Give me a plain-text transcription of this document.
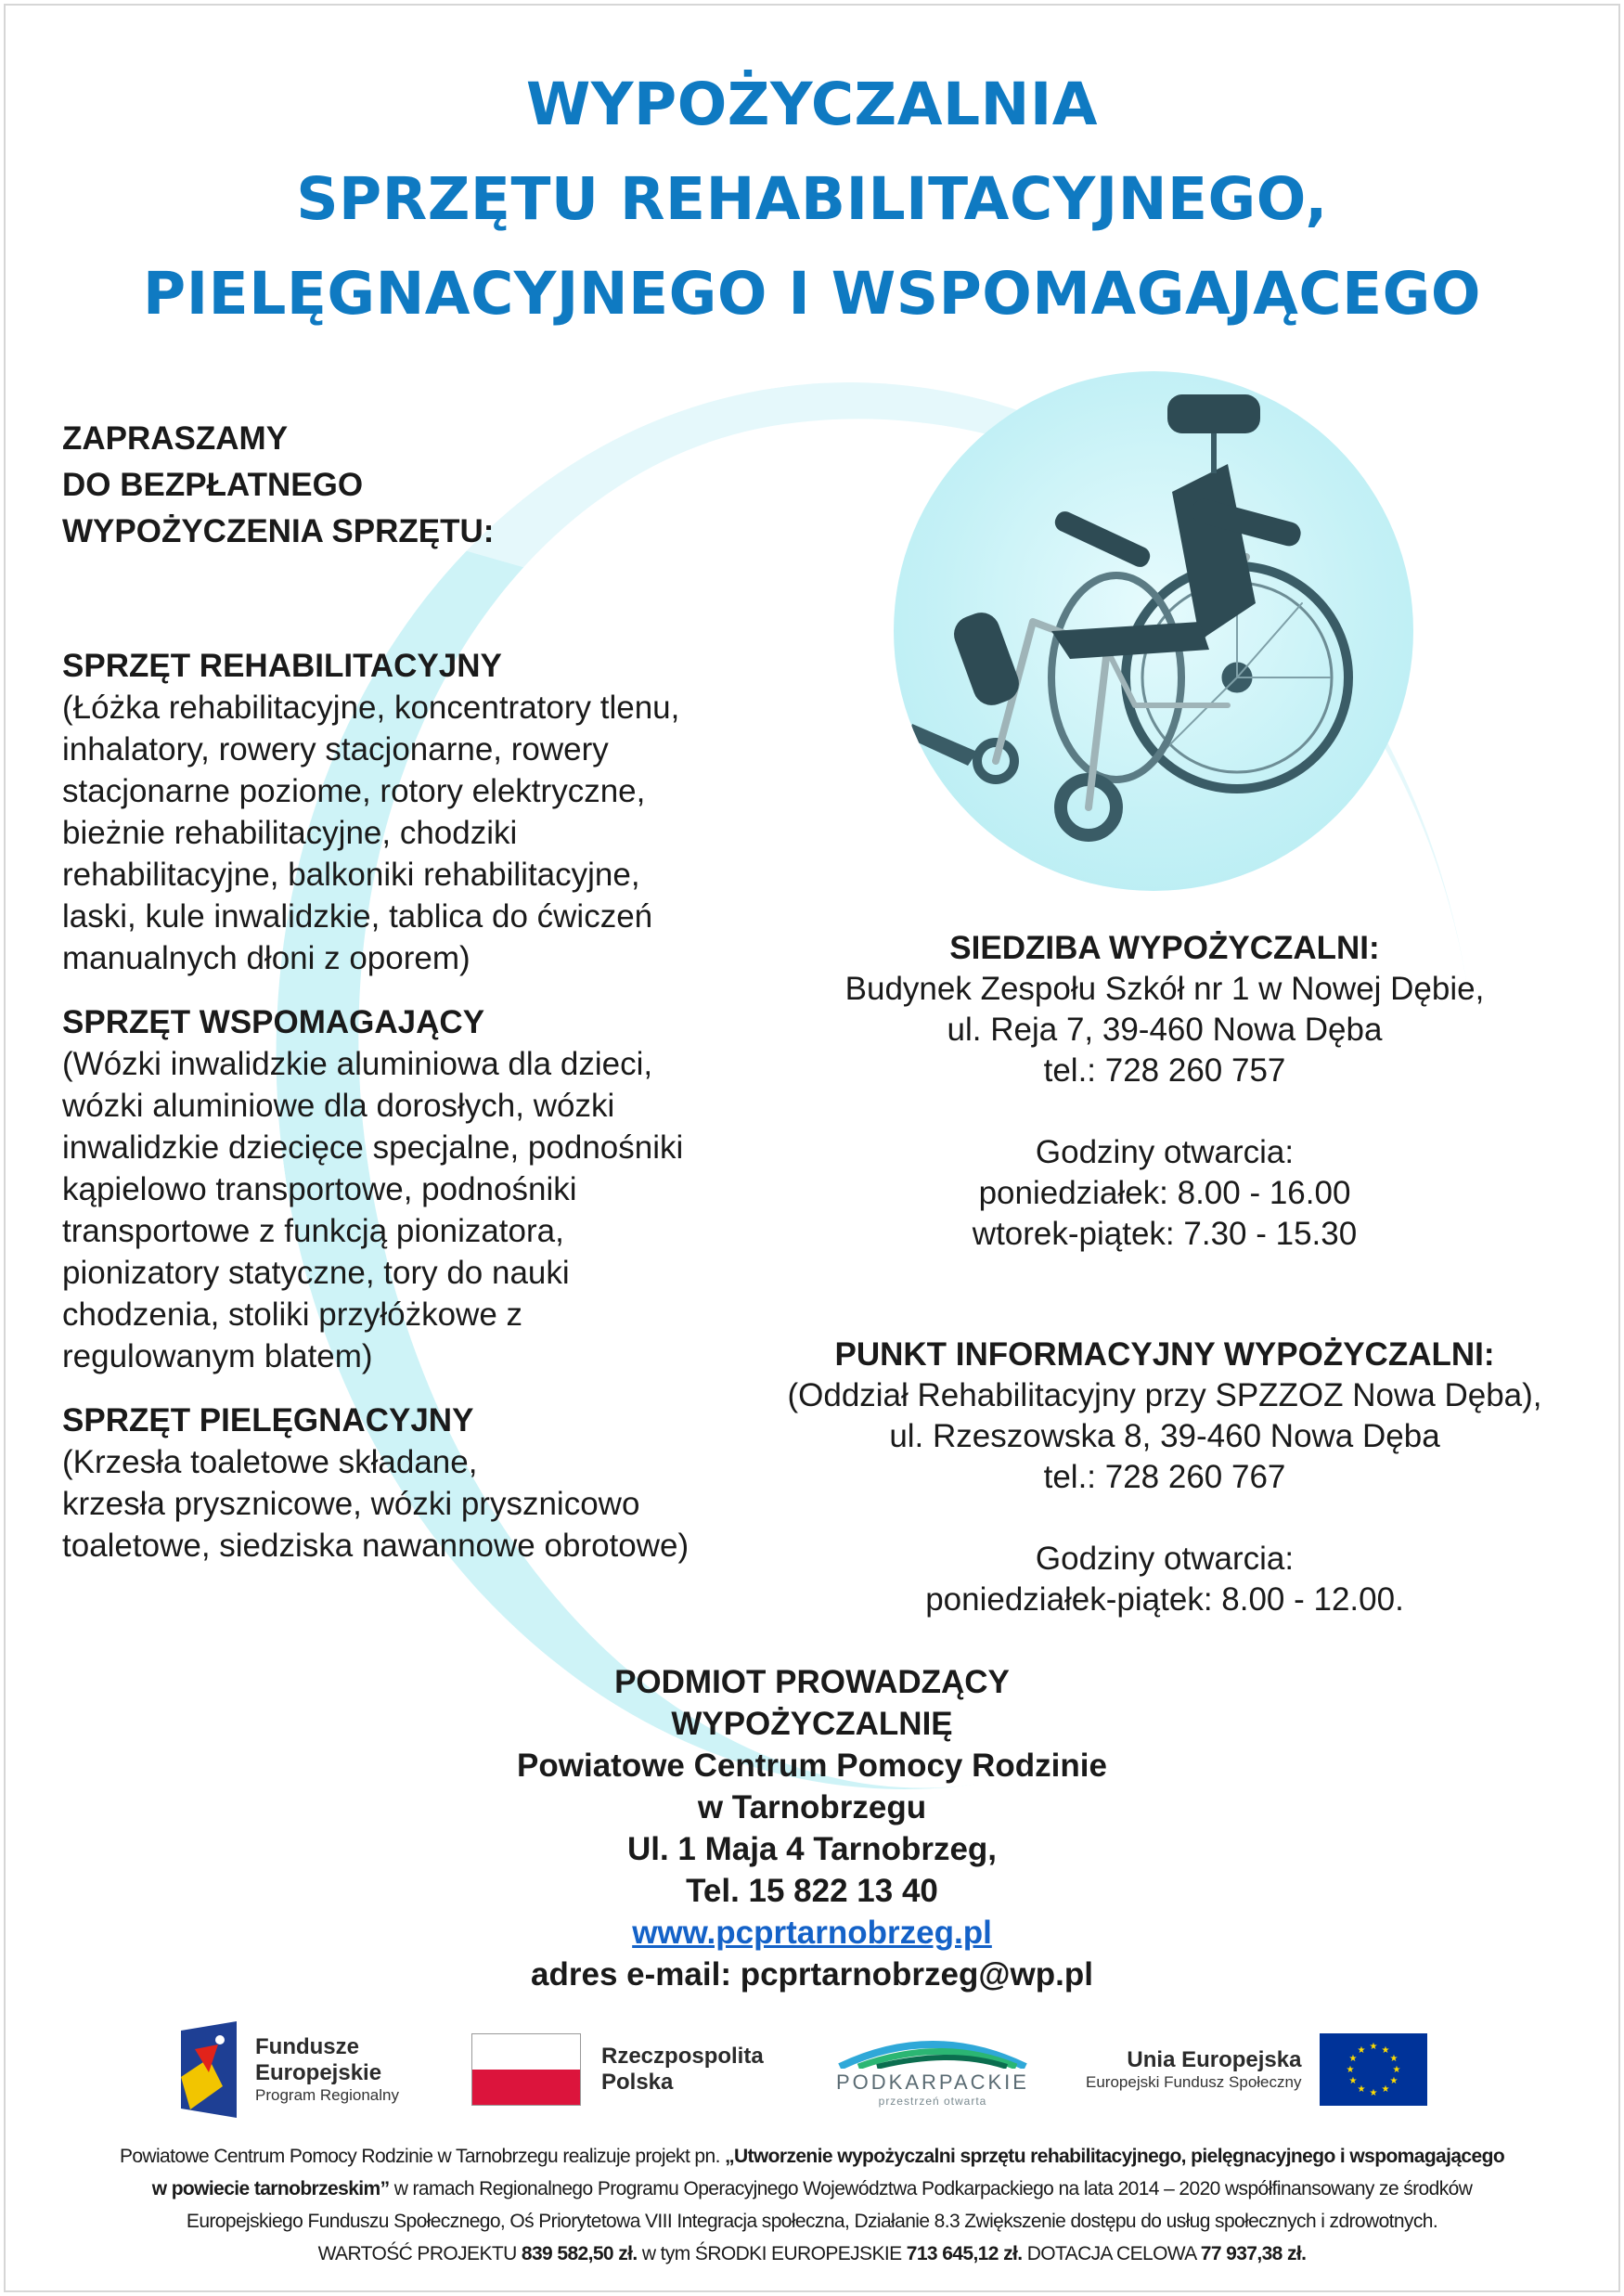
WYPOŻYCZALNIA
SPRZĘTU REHABILITACYJNEGO,
PIELĘGNACYJNEGO I WSPOMAGAJĄCEGO
ZAPRASZAMY
DO BEZPŁATNEGO
WYPOŻYCZENIA SPRZĘTU:
SPRZĘT REHABILITACYJNY
(Łóżka rehabilitacyjne, koncentratory tlenu,
inhalatory, rowery stacjonarne, rowery
stacjonarne poziome, rotory elektryczne,
bieżnie rehabilitacyjne, chodziki
rehabilitacyjne, balkoniki rehabilitacyjne,
laski, kule inwalidzkie, tablica do ćwiczeń
manualnych dłoni z oporem)
SPRZĘT WSPOMAGAJĄCY
(Wózki inwalidzkie aluminiowa dla dzieci,
wózki aluminiowe dla dorosłych, wózki
inwalidzkie dziecięce specjalne, podnośniki
kąpielowo transportowe, podnośniki
transportowe z funkcją pionizatora,
pionizatory statyczne, tory do nauki
chodzenia, stoliki przyłóżkowe z
regulowanym blatem)
SPRZĘT PIELĘGNACYJNY
(Krzesła toaletowe składane,
krzesła prysznicowe, wózki prysznicowo
toaletowe, siedziska nawannowe obrotowe)
SIEDZIBA WYPOŻYCZALNI:
Budynek Zespołu Szkół nr 1 w Nowej Dębie,
ul. Reja 7, 39-460 Nowa Dęba
tel.: 728 260 757
Godziny otwarcia:
poniedziałek: 8.00 - 16.00
wtorek-piątek: 7.30 - 15.30
PUNKT INFORMACYJNY WYPOŻYCZALNI:
(Oddział Rehabilitacyjny przy SPZZOZ Nowa Dęba),
ul. Rzeszowska 8, 39-460 Nowa Dęba
tel.: 728 260 767
Godziny otwarcia:
poniedziałek-piątek: 8.00 - 12.00.
PODMIOT PROWADZĄCY
WYPOŻYCZALNIĘ
Powiatowe Centrum Pomocy Rodzinie
w Tarnobrzegu
Ul. 1 Maja 4 Tarnobrzeg,
Tel. 15 822 13 40
www.pcprtarnobrzeg.pl
adres e-mail: pcprtarnobrzeg@wp.pl
Fundusze Europejskie
Program Regionalny
Rzeczpospolita
Polska	PODKARPACKIE
przestrzeń otwarta
Unia Europejska
Europejski Fundusz Społeczny
★ ★
★
★
★
★
★
★
★
★
★
★
Powiatowe Centrum Pomocy Rodzinie w Tarnobrzegu realizuje projekt pn. „Utworzenie wypożyczalni sprzętu rehabilitacyjnego, pielęgnacyjnego i wspomagającego
w powiecie tarnobrzeskim” w ramach Regionalnego Programu Operacyjnego Województwa Podkarpackiego na lata 2014 – 2020 współfinansowany ze środków
Europejskiego Funduszu Społecznego, Oś Priorytetowa VIII Integracja społeczna, Działanie 8.3 Zwiększenie dostępu do usług społecznych i zdrowotnych.
WARTOŚĆ PROJEKTU 839 582,50 zł. w tym ŚRODKI EUROPEJSKIE 713 645,12 zł. DOTACJA CELOWA 77 937,38 zł.
